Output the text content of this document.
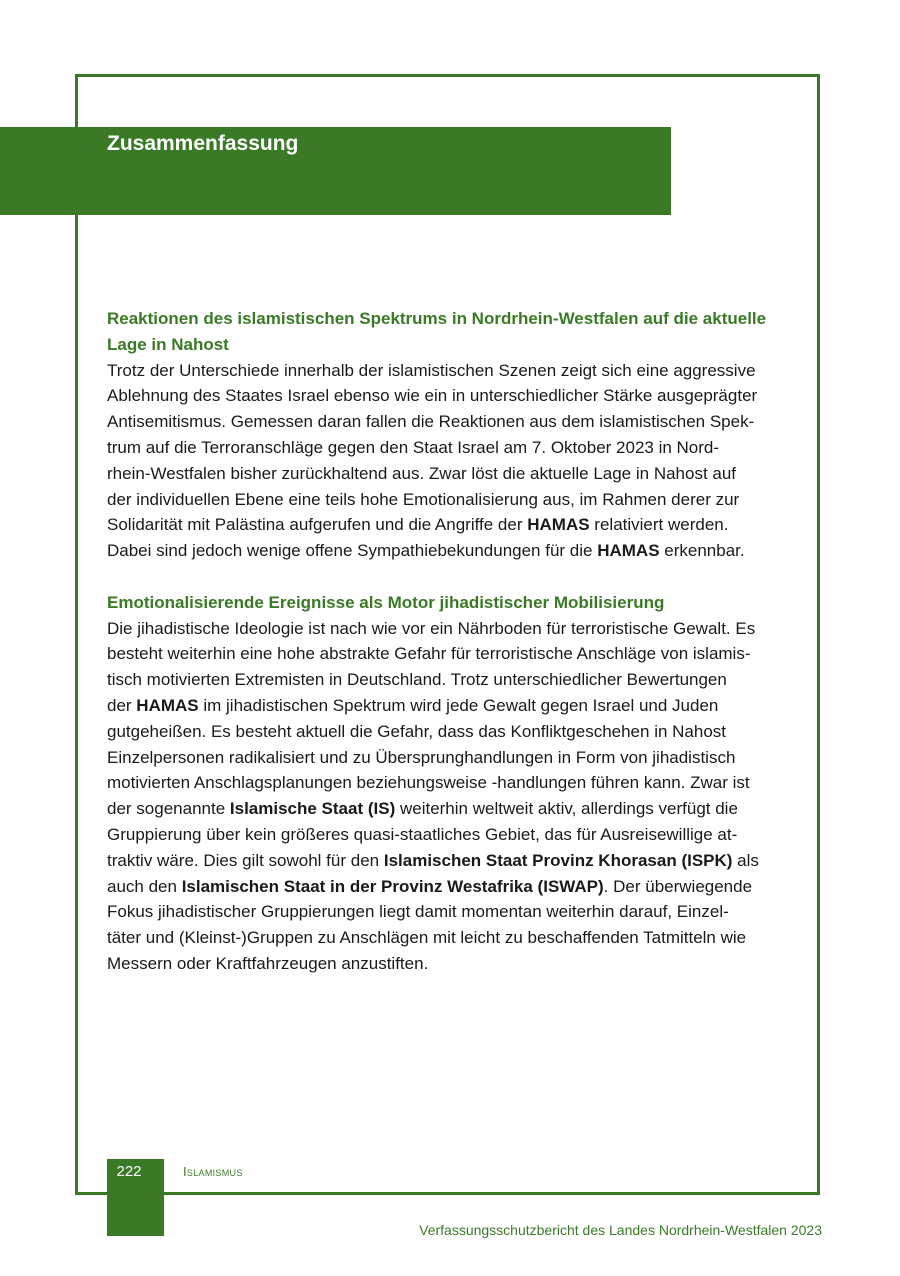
Zusammenfassung
Reaktionen des islamistischen Spektrums in Nordrhein-Westfalen auf die aktuelle
Lage in Nahost
Trotz der Unterschiede innerhalb der islamistischen Szenen zeigt sich eine aggressive
Ablehnung des Staates Israel ebenso wie ein in unterschiedlicher Stärke ausgeprägter
Antisemitismus. Gemessen daran fallen die Reaktionen aus dem islamistischen Spek-
trum auf die Terroranschläge gegen den Staat Israel am 7. Oktober 2023 in Nord-
rhein-Westfalen bisher zurückhaltend aus. Zwar löst die aktuelle Lage in Nahost auf
der individuellen Ebene eine teils hohe Emotionalisierung aus, im Rahmen derer zur
Solidarität mit Palästina aufgerufen und die Angriffe der HAMAS relativiert werden.
Dabei sind jedoch wenige offene Sympathiebekundungen für die HAMAS erkennbar.
Emotionalisierende Ereignisse als Motor jihadistischer Mobilisierung
Die jihadistische Ideologie ist nach wie vor ein Nährboden für terroristische Gewalt. Es
besteht weiterhin eine hohe abstrakte Gefahr für terroristische Anschläge von islamis-
tisch motivierten Extremisten in Deutschland. Trotz unterschiedlicher Bewertungen
der HAMAS im jihadistischen Spektrum wird jede Gewalt gegen Israel und Juden
gutgeheißen. Es besteht aktuell die Gefahr, dass das Konfliktgeschehen in Nahost
Einzelpersonen radikalisiert und zu Übersprunghandlungen in Form von jihadistisch
motivierten Anschlagsplanungen beziehungsweise -handlungen führen kann. Zwar ist
der sogenannte Islamische Staat (IS) weiterhin weltweit aktiv, allerdings verfügt die
Gruppierung über kein größeres quasi-staatliches Gebiet, das für Ausreisewillige at-
traktiv wäre. Dies gilt sowohl für den Islamischen Staat Provinz Khorasan (ISPK) als
auch den Islamischen Staat in der Provinz Westafrika (ISWAP). Der überwiegende
Fokus jihadistischer Gruppierungen liegt damit momentan weiterhin darauf, Einzel-
täter und (Kleinst-)Gruppen zu Anschlägen mit leicht zu beschaffenden Tatmitteln wie
Messern oder Kraftfahrzeugen anzustiften.
222	Islamismus
Verfassungsschutzbericht des Landes Nordrhein-Westfalen 2023
